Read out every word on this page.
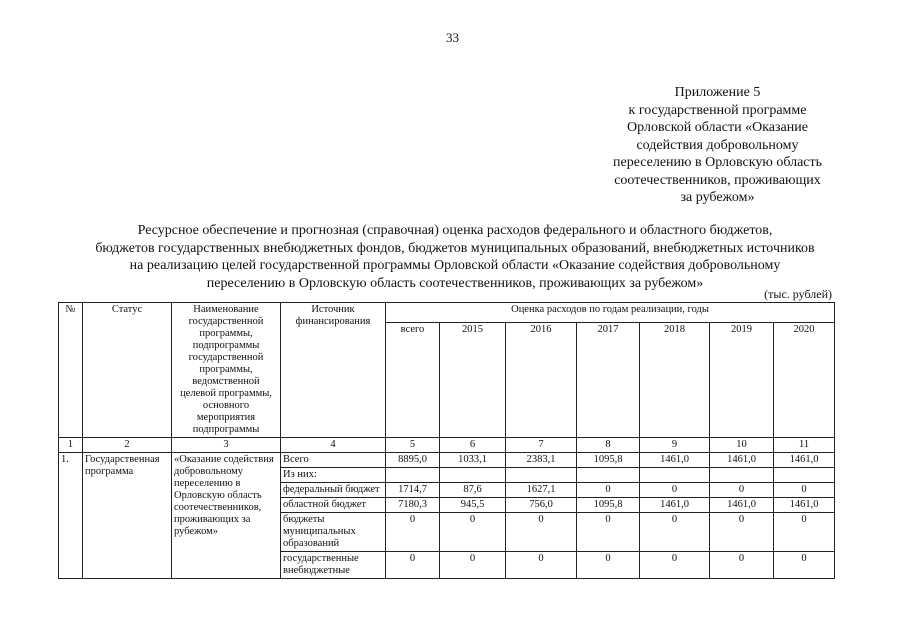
33
Приложение 5
к государственной программе
Орловской области «Оказание
содействия добровольному
переселению в Орловскую область
соотечественников, проживающих
за рубежом»
Ресурсное обеспечение и прогнозная (справочная) оценка расходов федерального и областного бюджетов,
бюджетов государственных внебюджетных фондов, бюджетов муниципальных образований, внебюджетных источников
на реализацию целей государственной программы Орловской области «Оказание содействия добровольному
переселению в Орловскую область соотечественников, проживающих за рубежом»
(тыс. рублей)
№	Статус	Наименование государственной программы, подпрограммы государственной программы, ведомственной целевой программы, основного мероприятия подпрограммы	Источник финансирования	Оценка расходов по годам реализации, годы						
				всего	2015	2016	2017	2018	2019	2020
1	2	3	4	5	6	7	8	9	10	11
1.	Государственная программа	«Оказание содействия добровольному переселению в Орловскую область соотечественников, проживающих за рубежом»	Всего	8895,0	1033,1	2383,1	1095,8	1461,0	1461,0	1461,0
			Из них:							
			федеральный бюджет	1714,7	87,6	1627,1	0	0	0	0
			областной бюджет	7180,3	945,5	756,0	1095,8	1461,0	1461,0	1461,0
			бюджеты муниципальных образований	0	0	0	0	0	0	0
			государственные внебюджетные	0	0	0	0	0	0	0
